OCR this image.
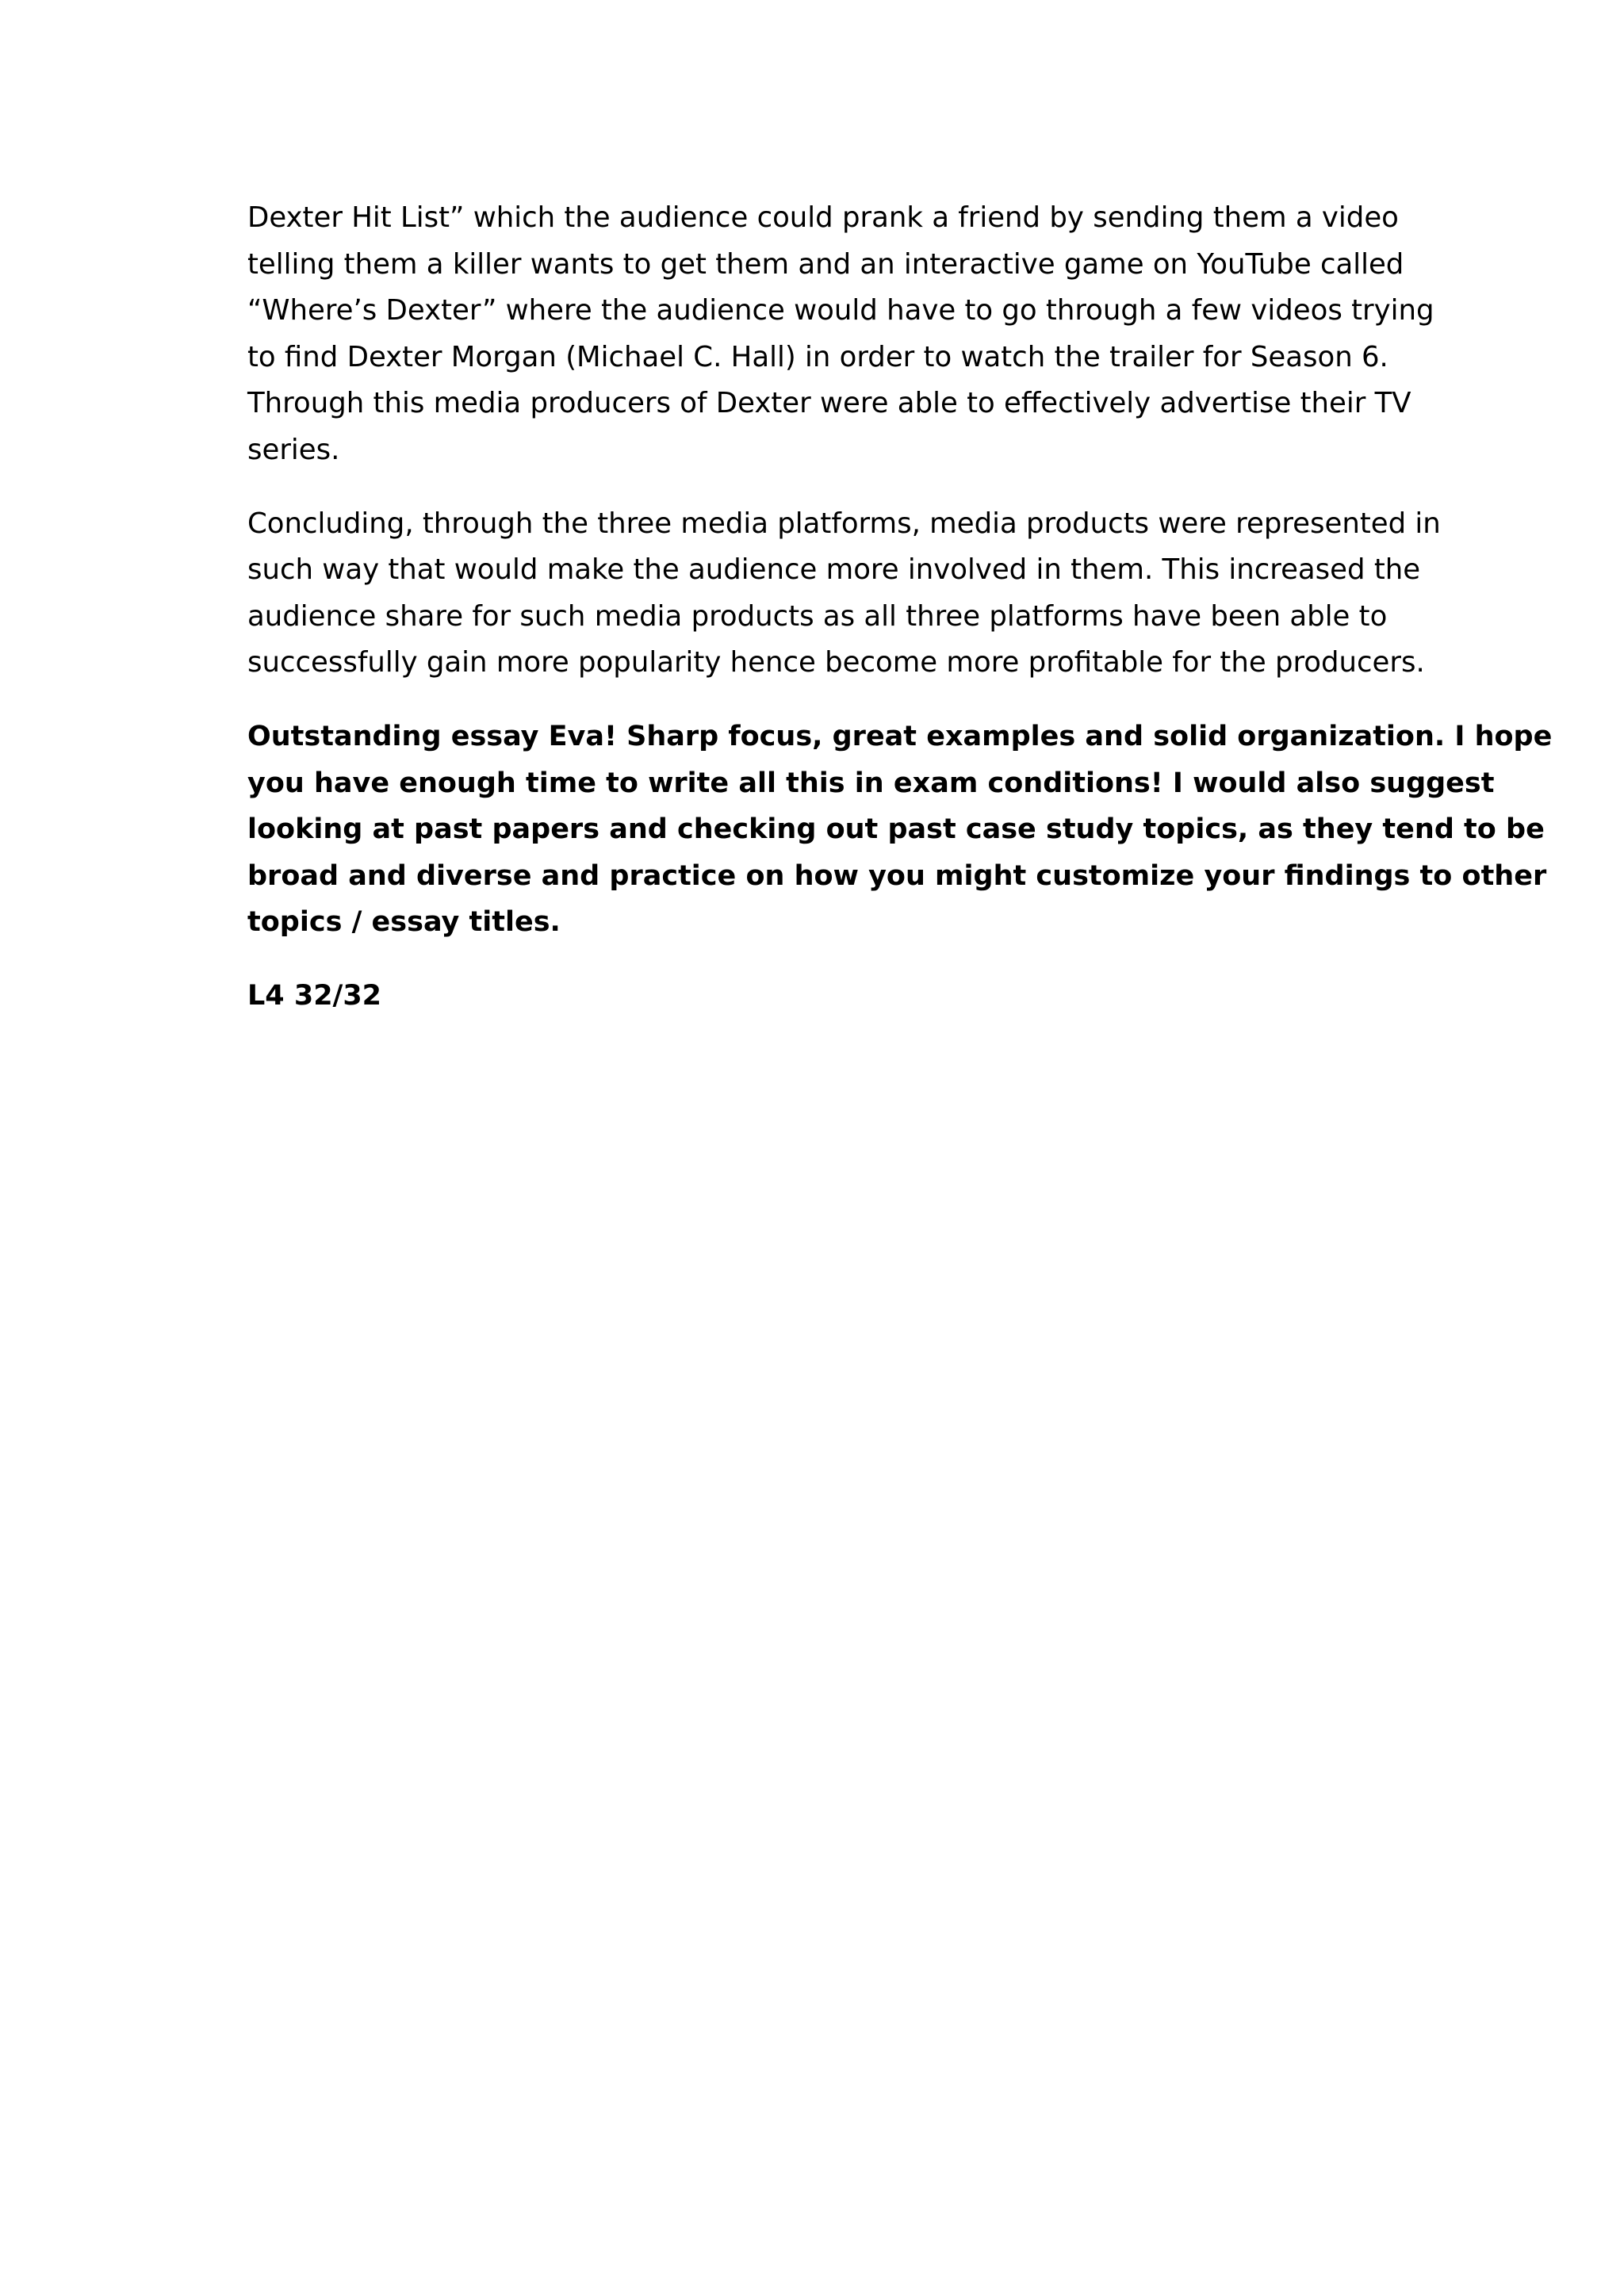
Dexter Hit List” which the audience could prank a friend by sending them a video
telling them a killer wants to get them and an interactive game on YouTube called
“Where’s Dexter” where the audience would have to go through a few videos trying
to find Dexter Morgan (Michael C. Hall) in order to watch the trailer for Season 6.
Through this media producers of Dexter were able to effectively advertise their TV
series.

Concluding, through the three media platforms, media products were represented in
such way that would make the audience more involved in them. This increased the
audience share for such media products as all three platforms have been able to
successfully gain more popularity hence become more profitable for the producers.

Outstanding essay Eva! Sharp focus, great examples and solid organization. I hope
you have enough time to write all this in exam conditions! I would also suggest
looking at past papers and checking out past case study topics, as they tend to be
broad and diverse and practice on how you might customize your findings to other
topics / essay titles.

L4 32/32
